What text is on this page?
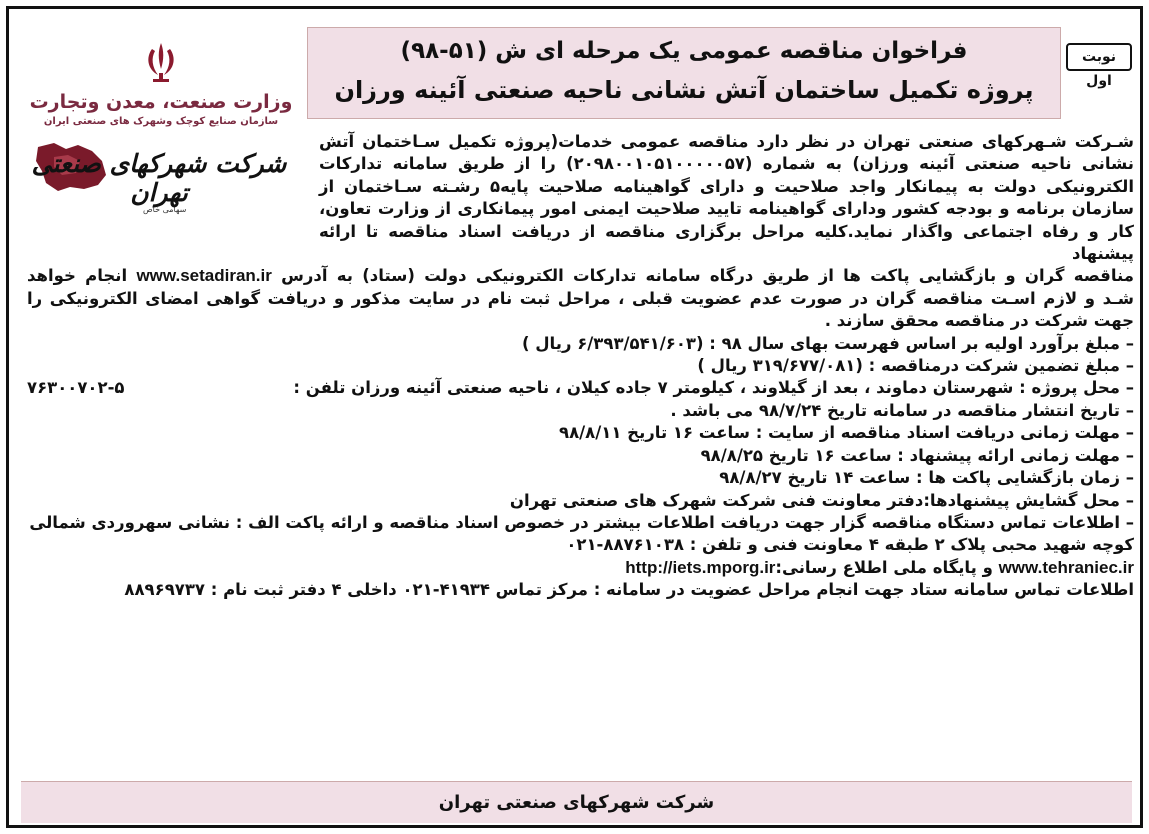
نوبت اول
فراخوان مناقصه عمومی یک مرحله ای ش (۵۱-۹۸)
پروژه تکمیل ساختمان آتش نشانی ناحیه صنعتی آئینه ورزان
وزارت صنعت، معدن وتجارت
سازمان صنایع کوچک وشهرک های صنعتی ایران
شرکت شهرکهای صنعتی تهران
سهامی خاص
شـرکت شـهرکهای صنعتی تهران در نظر دارد مناقصه عمومی خدمات(پروژه تکمیل سـاختمان آتش
نشانی ناحیه صنعتی آئینه ورزان) به شماره (۲۰۹۸۰۰۱۰۵۱۰۰۰۰۰۵۷) را از طریق سامانه تدارکات
الکترونیکی دولت به پیمانکار واجد صلاحیت و دارای گواهینامه صلاحیت پایه۵ رشـته سـاختمان از
سازمان برنامه و بودجه کشور ودارای گواهینامه تایید صلاحیت ایمنی امور پیمانکاری از وزارت تعاون،
کار و رفاه اجتماعی واگذار نماید.کلیه مراحل برگزاری مناقصه از دریافت اسناد مناقصه تا ارائه پیشنهاد
مناقصه گران و بازگشایی پاکت ها از طریق درگاه سامانه تدارکات الکترونیکی دولت (ستاد) به آدرس www.setadiran.ir انجام خواهد
شـد و لازم اسـت مناقصه گران در صورت عدم عضویت قبلی ، مراحل ثبت نام در سایت مذکور و دریافت گواهی امضای الکترونیکی را
جهت شرکت در مناقصه محقق سازند .
– مبلغ برآورد اولیه بر اساس فهرست بهای سال ۹۸ : (۶/۳۹۳/۵۴۱/۶۰۳ ریال )
– مبلغ تضمین شرکت درمناقصه : (۳۱۹/۶۷۷/۰۸۱ ریال )
– محل پروژه : شهرستان دماوند ، بعد از گیلاوند ، کیلومتر ۷ جاده کیلان ، ناحیه صنعتی آئینه ورزان تلفن :
۷۶۳۰۰۷۰۲-۵
– تاریخ انتشار مناقصه در سامانه تاریخ ۹۸/۷/۲۴ می باشد .
– مهلت زمانی دریافت اسناد مناقصه از سایت : ساعت ۱۶ تاریخ ۹۸/۸/۱۱
– مهلت زمانی ارائه پیشنهاد : ساعت ۱۶ تاریخ ۹۸/۸/۲۵
– زمان بازگشایی پاکت ها : ساعت ۱۴ تاریخ ۹۸/۸/۲۷
– محل گشایش پیشنهادها:دفتر معاونت فنی شرکت شهرک های صنعتی تهران
– اطلاعات تماس دستگاه مناقصه گزار جهت دریافت اطلاعات بیشتر در خصوص اسناد مناقصه و ارائه پاکت الف : نشانی سهروردی شمالی
کوچه شهید محبی پلاک ۲ طبقه ۴ معاونت فنی و تلفن : ۸۸۷۶۱۰۳۸-۰۲۱
www.tehraniec.ir و پایگاه ملی اطلاع رسانی:http://iets.mporg.ir
اطلاعات تماس سامانه ستاد جهت انجام مراحل عضویت در سامانه : مرکز تماس ۴۱۹۳۴-۰۲۱ داخلی ۴ دفتر ثبت نام : ۸۸۹۶۹۷۳۷
شرکت شهرکهای صنعتی تهران
